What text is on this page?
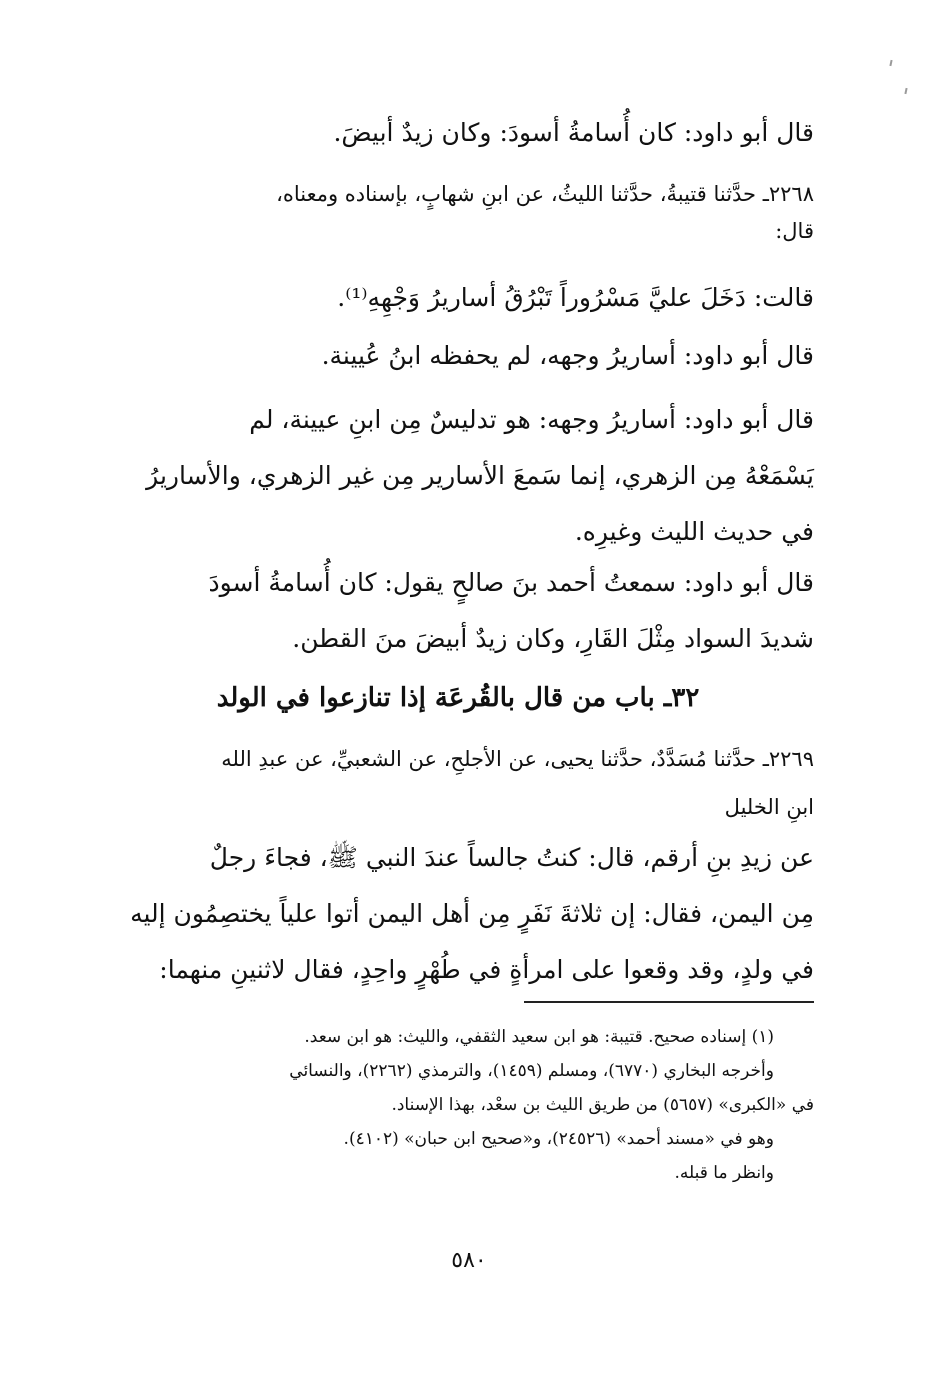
قال أبو داود: كان أُسامةُ أسودَ: وكان زيدٌ أبيضَ.
٢٢٦٨ـ حدَّثنا قتيبةُ، حدَّثنا الليثُ، عن ابنِ شهابٍ، بإسناده ومعناه،
قال:
قالت: دَخَلَ عليَّ مَسْرُوراً تَبْرُقُ أساريرُ وَجْهِهِ⁽¹⁾.
قال أبو داود: أساريرُ وجهه، لم يحفظه ابنُ عُيينة.
قال أبو داود: أساريرُ وجهه: هو تدليسٌ مِن ابنِ عيينة، لم
يَسْمَعْهُ مِن الزهري، إنما سَمعَ الأسارير مِن غير الزهري، والأساريرُ
في حديث الليث وغيرِه.
قال أبو داود: سمعتُ أحمد بنَ صالحٍ يقول: كان أُسامةُ أسودَ
شديدَ السواد مِثْلَ القَارِ، وكان زيدٌ أبيضَ منَ القطن.
٣٢ـ باب من قال بالقُرعَة إذا تنازعوا في الولد
٢٢٦٩ـ حدَّثنا مُسَدَّدٌ، حدَّثنا يحيى، عن الأجلحِ، عن الشعبيِّ، عن عبدِ الله
ابنِ الخليل
عن زيدِ بنِ أرقم، قال: كنتُ جالساً عندَ النبي ﷺ، فجاءَ رجلٌ
مِن اليمن، فقال: إن ثلاثةَ نَفَرٍ مِن أهل اليمن أتوا علياً يختصِمُون إليه
في ولدٍ، وقد وقعوا على امرأةٍ في طُهْرٍ واحِدٍ، فقال لاثنينِ منهما:
(١) إسناده صحيح. قتيبة: هو ابن سعيد الثقفي، والليث: هو ابن سعد.
وأخرجه البخاري (٦٧٧٠)، ومسلم (١٤٥٩)، والترمذي (٢٢٦٢)، والنسائي
في «الكبرى» (٥٦٥٧) من طريق الليث بن سعْد، بهذا الإسناد.
وهو في «مسند أحمد» (٢٤٥٢٦)، و«صحيح ابن حبان» (٤١٠٢).
وانظر ما قبله.
٥٨٠
